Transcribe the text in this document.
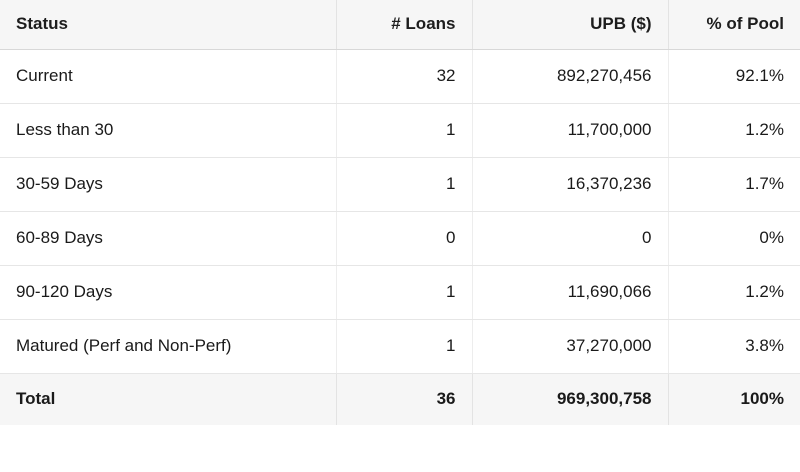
Status	# Loans	UPB ($)	% of Pool
Current	32	892,270,456	92.1%
Less than 30	1	11,700,000	1.2%
30-59 Days	1	16,370,236	1.7%
60-89 Days	0	0	0%
90-120 Days	1	11,690,066	1.2%
Matured (Perf and Non-Perf)	1	37,270,000	3.8%
Total	36	969,300,758	100%
